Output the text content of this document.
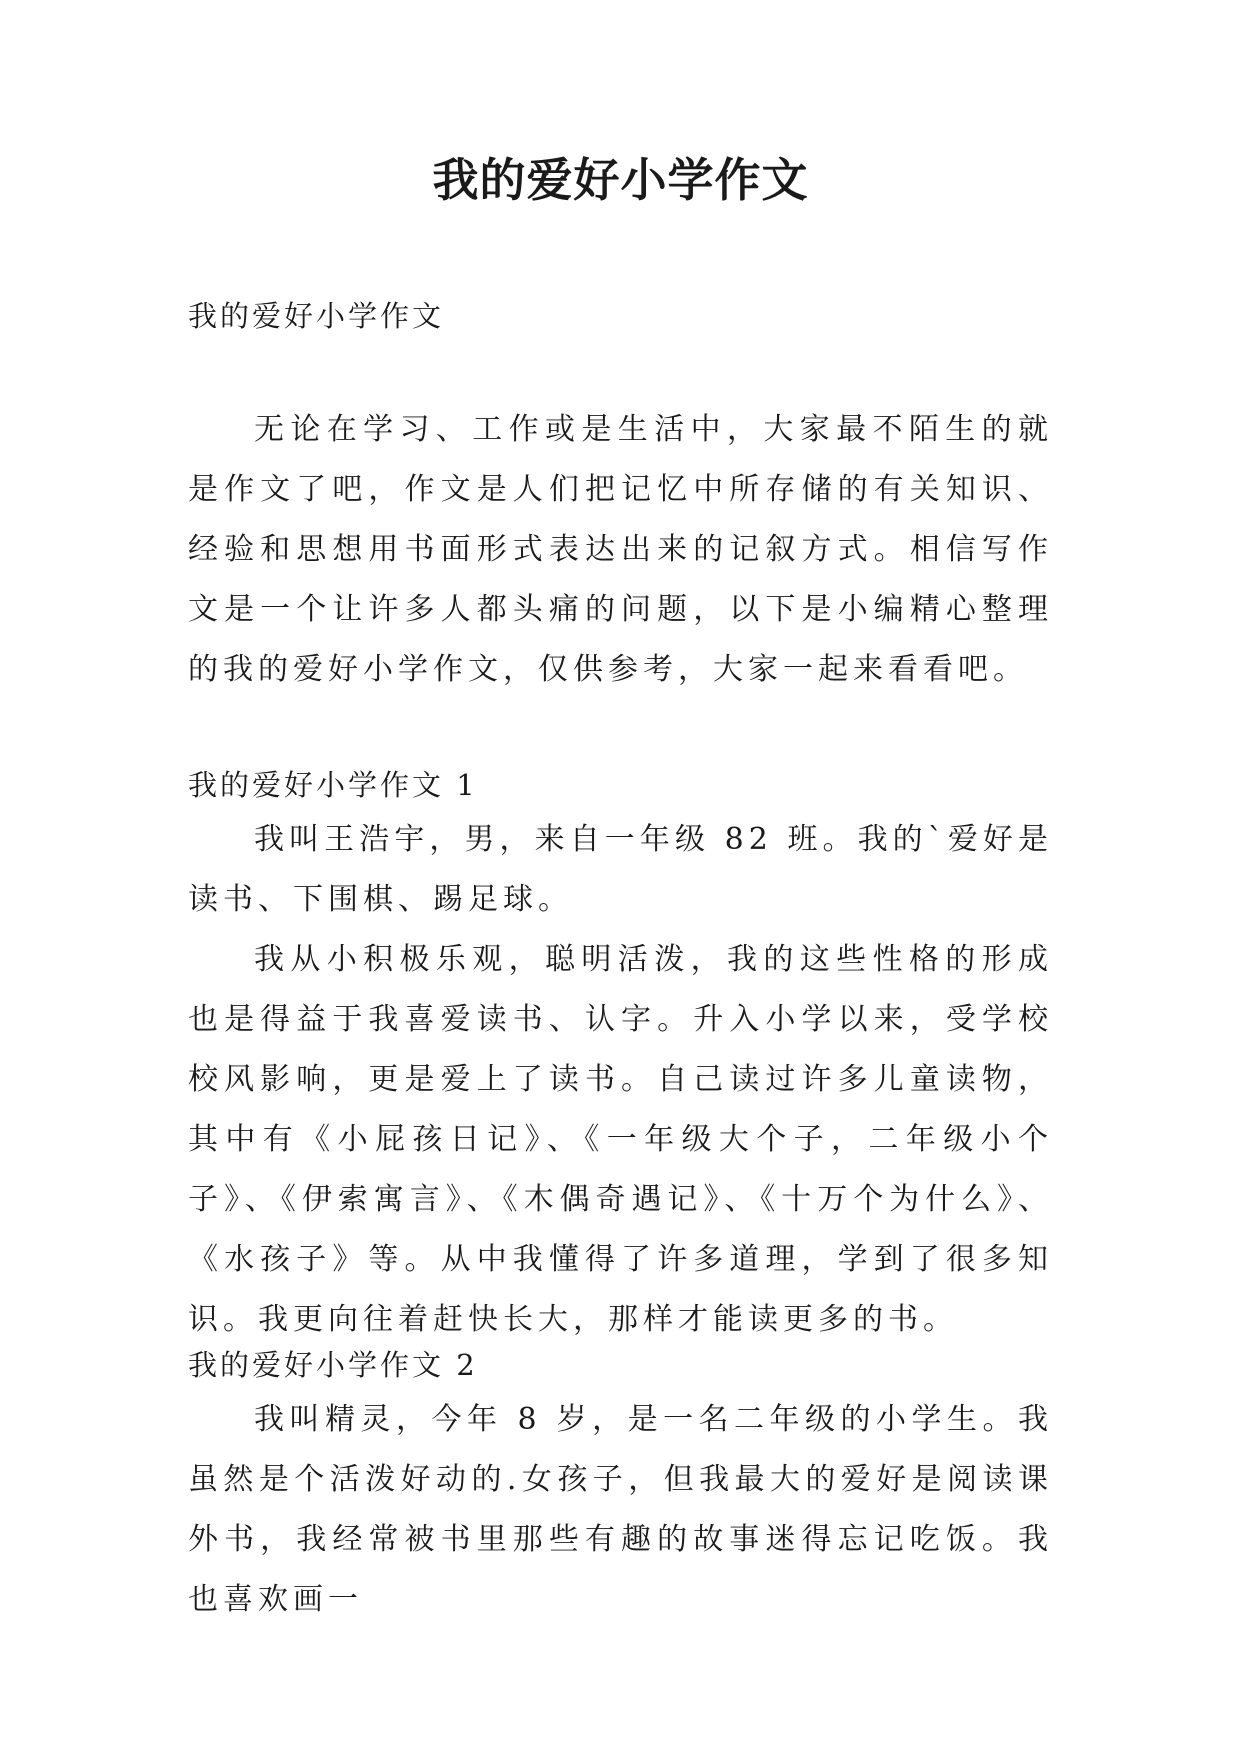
我的爱好小学作文
我的爱好小学作文
无论在学习、工作或是生活中，大家最不陌生的就是作文了吧，作文是人们把记忆中所存储的有关知识、经验和思想用书面形式表达出来的记叙方式。相信写作文是一个让许多人都头痛的问题，以下是小编精心整理的我的爱好小学作文，仅供参考，大家一起来看看吧。
我的爱好小学作文 1
我叫王浩宇，男，来自一年级 82 班。我的`爱好是读书、下围棋、踢足球。
我从小积极乐观，聪明活泼，我的这些性格的形成也是得益于我喜爱读书、认字。升入小学以来，受学校校风影响，更是爱上了读书。自己读过许多儿童读物，其中有《小屁孩日记》、《一年级大个子，二年级小个子》、《伊索寓言》、《木偶奇遇记》、《十万个为什么》、《水孩子》等。从中我懂得了许多道理，学到了很多知识。我更向往着赶快长大，那样才能读更多的书。
我的爱好小学作文 2
我叫精灵，今年 8 岁，是一名二年级的小学生。我虽然是个活泼好动的.女孩子，但我最大的爱好是阅读课外书，我经常被书里那些有趣的故事迷得忘记吃饭。我也喜欢画一
